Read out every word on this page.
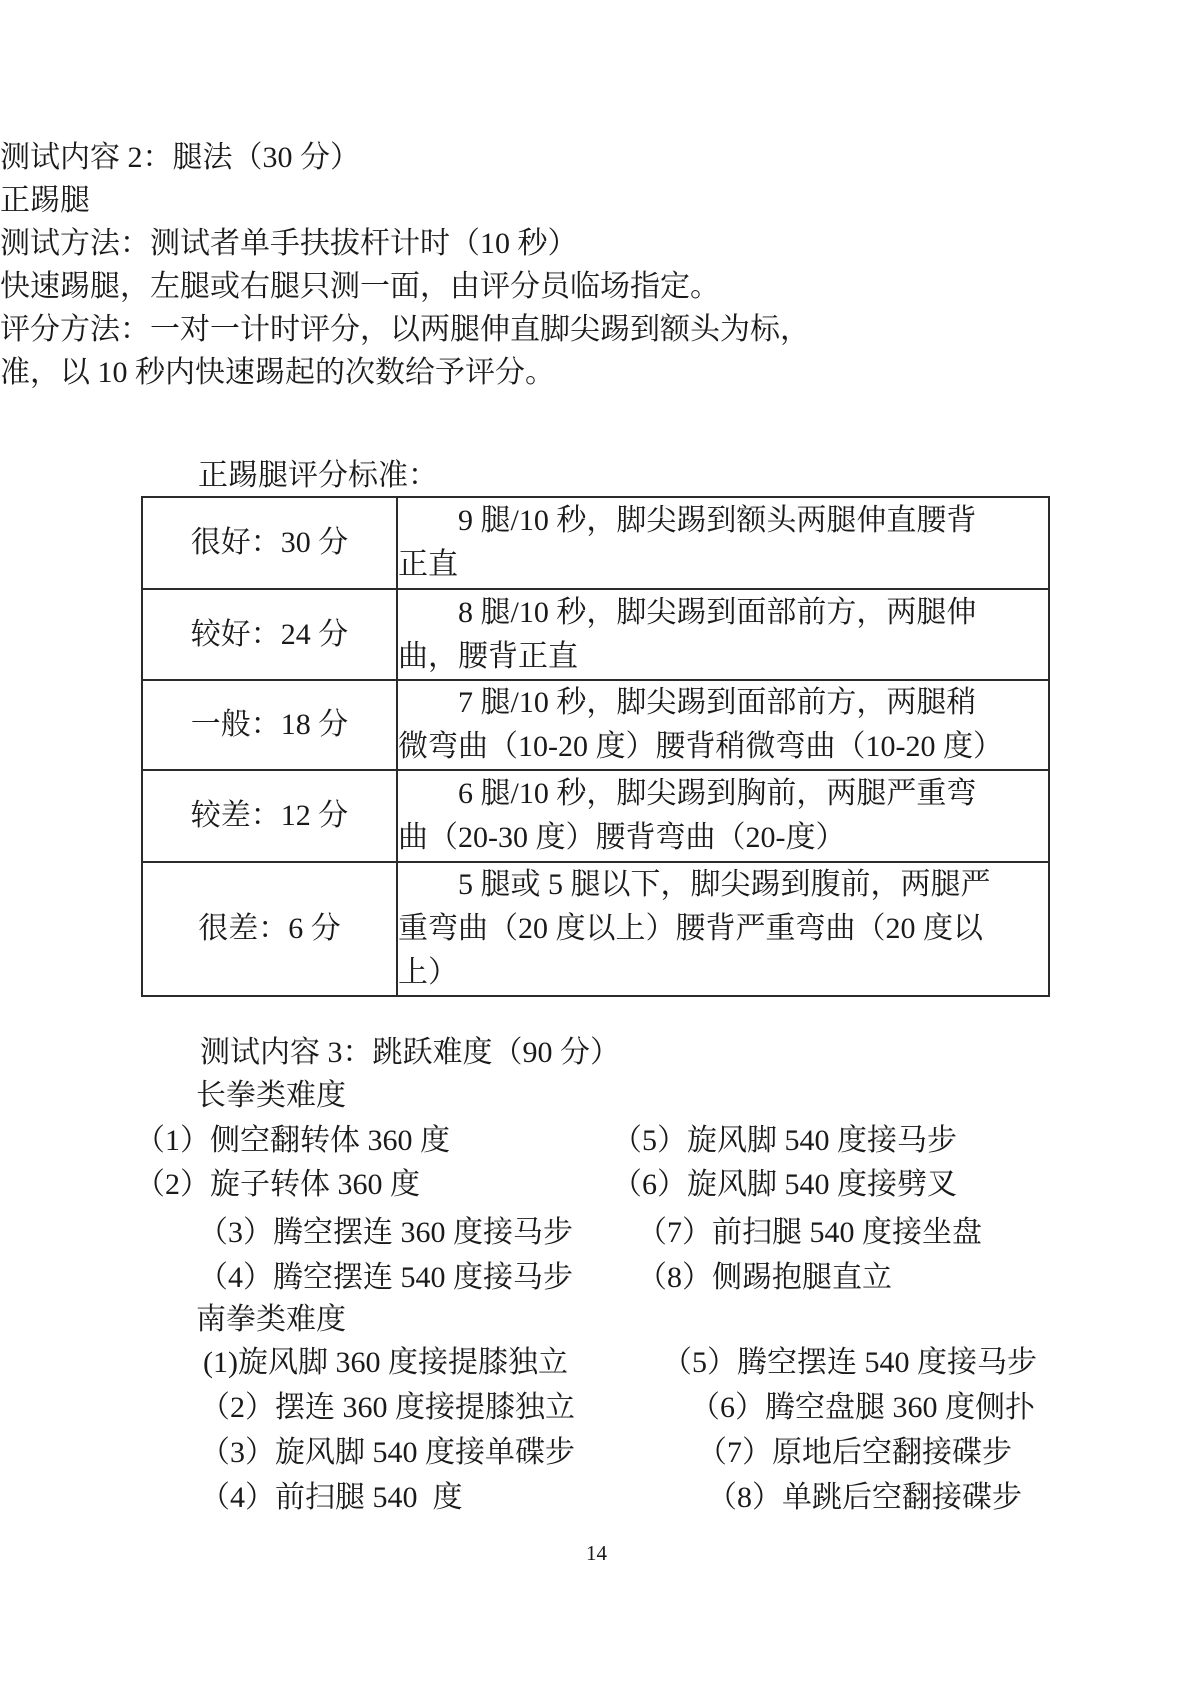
测试内容 2：腿法（30 分）

正踢腿

测试方法：测试者单手扶拔杆计时（10 秒）

快速踢腿，左腿或右腿只测一面，由评分员临场指定。

评分方法：一对一计时评分，以两腿伸直脚尖踢到额头为标，

准，以 10 秒内快速踢起的次数给予评分。

正踢腿评分标准：

很好：30 分	9 腿/10 秒，脚尖踢到额头两腿伸直腰背
正直

较好：24 分	8 腿/10 秒，脚尖踢到面部前方，两腿伸
曲，腰背正直

一般：18 分	7 腿/10 秒，脚尖踢到面部前方，两腿稍
微弯曲（10-20 度）腰背稍微弯曲（10-20 度）

较差：12 分	6 腿/10 秒，脚尖踢到胸前，两腿严重弯
曲（20-30 度）腰背弯曲（20-度）

很差：6 分	5 腿或 5 腿以下，脚尖踢到腹前，两腿严
重弯曲（20 度以上）腰背严重弯曲（20 度以
上）

测试内容 3：跳跃难度（90 分）

长拳类难度

（1）侧空翻转体 360 度	（5）旋风脚 540 度接马步
（2）旋子转体 360 度	（6）旋风脚 540 度接劈叉
（3）腾空摆连 360 度接马步 （7）前扫腿 540 度接坐盘
（4）腾空摆连 540 度接马步 （8）侧踢抱腿直立

南拳类难度

(1)旋风脚 360 度接提膝独立	（5）腾空摆连 540 度接马步
（2）摆连 360 度接提膝独立	（6）腾空盘腿 360 度侧扑
（3）旋风脚 540 度接单碟步	（7）原地后空翻接碟步
（4）前扫腿 540  度	（8）单跳后空翻接碟步
14
